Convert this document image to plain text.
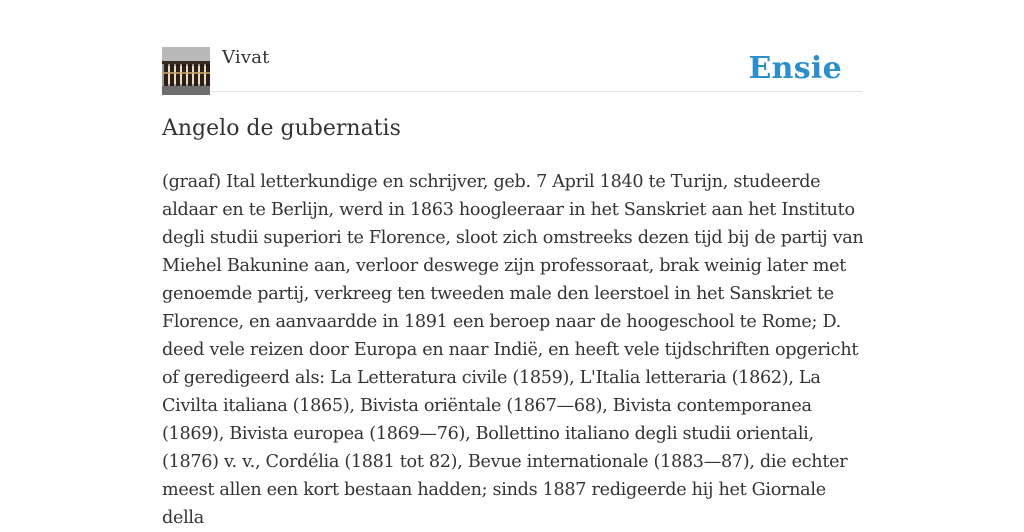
Vivat	Ensie
Angelo de gubernatis

(graaf) Ital letterkundige en schrijver, geb. 7 April 1840 te Turijn, studeerde aldaar en te Berlijn, werd in 1863 hoogleeraar in het Sanskriet aan het Instituto degli studii superiori te Florence, sloot zich omstreeks dezen tijd bij de partij van Miehel Bakunine aan, verloor deswege zijn professoraat, brak weinig later met genoemde partij, verkreeg ten tweeden male den leerstoel in het Sanskriet te Florence, en aanvaardde in 1891 een beroep naar de hoogeschool te Rome; D. deed vele reizen door Europa en naar Indië, en heeft vele tijdschriften opgericht of geredigeerd als: La Letteratura civile (1859), L'Italia letteraria (1862), La Civilta italiana (1865), Bivista oriëntale (1867—68), Bivista contemporanea (1869), Bivista europea (1869—76), Bollettino italiano degli studii orientali, (1876) v. v., Cordélia (1881 tot 82), Bevue internationale (1883—87), die echter meest allen een kort bestaan hadden; sinds 1887 redigeerde hij het Giornale della
